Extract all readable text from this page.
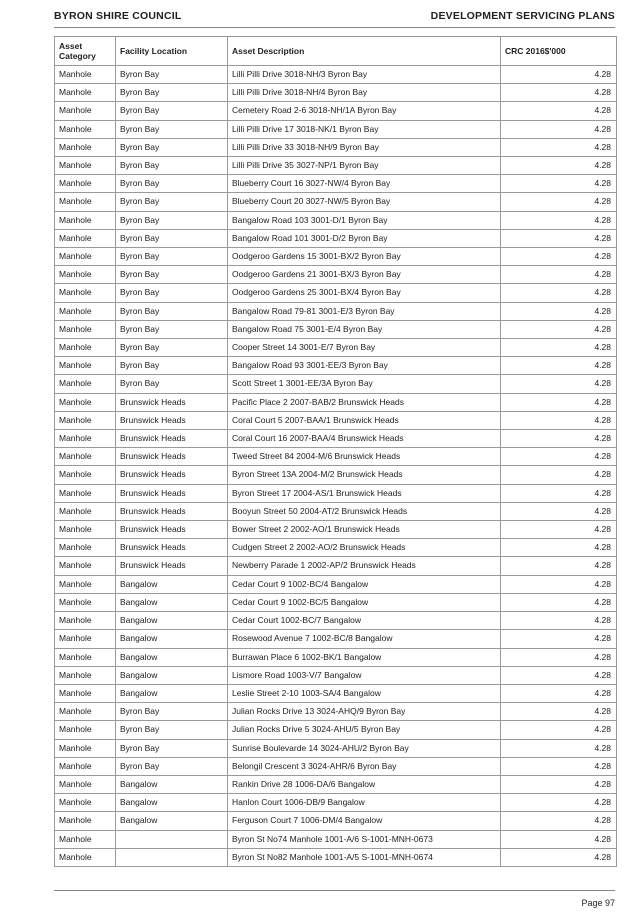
BYRON SHIRE COUNCIL	DEVELOPMENT SERVICING PLANS
Asset Category	Facility Location	Asset Description	CRC 2016$'000
Manhole	Byron Bay	Lilli Pilli Drive 3018-NH/3 Byron Bay	4.28
Manhole	Byron Bay	Lilli Pilli Drive 3018-NH/4 Byron Bay	4.28
Manhole	Byron Bay	Cemetery Road 2-6 3018-NH/1A Byron Bay	4.28
Manhole	Byron Bay	Lilli Pilli Drive 17 3018-NK/1 Byron Bay	4.28
Manhole	Byron Bay	Lilli Pilli Drive 33 3018-NH/9 Byron Bay	4.28
Manhole	Byron Bay	Lilli Pilli Drive 35 3027-NP/1 Byron Bay	4.28
Manhole	Byron Bay	Blueberry Court 16 3027-NW/4 Byron Bay	4.28
Manhole	Byron Bay	Blueberry Court 20 3027-NW/5 Byron Bay	4.28
Manhole	Byron Bay	Bangalow Road 103 3001-D/1 Byron Bay	4.28
Manhole	Byron Bay	Bangalow Road 101 3001-D/2 Byron Bay	4.28
Manhole	Byron Bay	Oodgeroo Gardens 15 3001-BX/2 Byron Bay	4.28
Manhole	Byron Bay	Oodgeroo Gardens 21 3001-BX/3 Byron Bay	4.28
Manhole	Byron Bay	Oodgeroo Gardens 25 3001-BX/4 Byron Bay	4.28
Manhole	Byron Bay	Bangalow Road 79-81 3001-E/3 Byron Bay	4.28
Manhole	Byron Bay	Bangalow Road 75 3001-E/4 Byron Bay	4.28
Manhole	Byron Bay	Cooper Street 14 3001-E/7 Byron Bay	4.28
Manhole	Byron Bay	Bangalow Road 93 3001-EE/3 Byron Bay	4.28
Manhole	Byron Bay	Scott Street 1 3001-EE/3A Byron Bay	4.28
Manhole	Brunswick Heads	Pacific Place 2 2007-BAB/2 Brunswick Heads	4.28
Manhole	Brunswick Heads	Coral Court 5 2007-BAA/1 Brunswick Heads	4.28
Manhole	Brunswick Heads	Coral Court 16 2007-BAA/4 Brunswick Heads	4.28
Manhole	Brunswick Heads	Tweed Street 84 2004-M/6 Brunswick Heads	4.28
Manhole	Brunswick Heads	Byron Street 13A 2004-M/2 Brunswick Heads	4.28
Manhole	Brunswick Heads	Byron Street 17 2004-AS/1 Brunswick Heads	4.28
Manhole	Brunswick Heads	Booyun Street 50 2004-AT/2 Brunswick Heads	4.28
Manhole	Brunswick Heads	Bower Street 2 2002-AO/1 Brunswick Heads	4.28
Manhole	Brunswick Heads	Cudgen Street 2 2002-AO/2 Brunswick Heads	4.28
Manhole	Brunswick Heads	Newberry Parade 1 2002-AP/2 Brunswick Heads	4.28
Manhole	Bangalow	Cedar Court 9 1002-BC/4 Bangalow	4.28
Manhole	Bangalow	Cedar Court 9 1002-BC/5 Bangalow	4.28
Manhole	Bangalow	Cedar Court 1002-BC/7 Bangalow	4.28
Manhole	Bangalow	Rosewood Avenue 7 1002-BC/8 Bangalow	4.28
Manhole	Bangalow	Burrawan Place 6 1002-BK/1 Bangalow	4.28
Manhole	Bangalow	Lismore Road 1003-V/7 Bangalow	4.28
Manhole	Bangalow	Leslie Street 2-10 1003-SA/4 Bangalow	4.28
Manhole	Byron Bay	Julian Rocks Drive 13 3024-AHQ/9 Byron Bay	4.28
Manhole	Byron Bay	Julian Rocks Drive 5 3024-AHU/5 Byron Bay	4.28
Manhole	Byron Bay	Sunrise Boulevarde 14 3024-AHU/2 Byron Bay	4.28
Manhole	Byron Bay	Belongil Crescent 3 3024-AHR/6 Byron Bay	4.28
Manhole	Bangalow	Rankin Drive 28 1006-DA/6 Bangalow	4.28
Manhole	Bangalow	Hanlon Court 1006-DB/9 Bangalow	4.28
Manhole	Bangalow	Ferguson Court 7 1006-DM/4 Bangalow	4.28
Manhole		Byron St No74 Manhole 1001-A/6 S-1001-MNH-0673	4.28
Manhole		Byron St No82 Manhole 1001-A/5 S-1001-MNH-0674	4.28
Page 97
